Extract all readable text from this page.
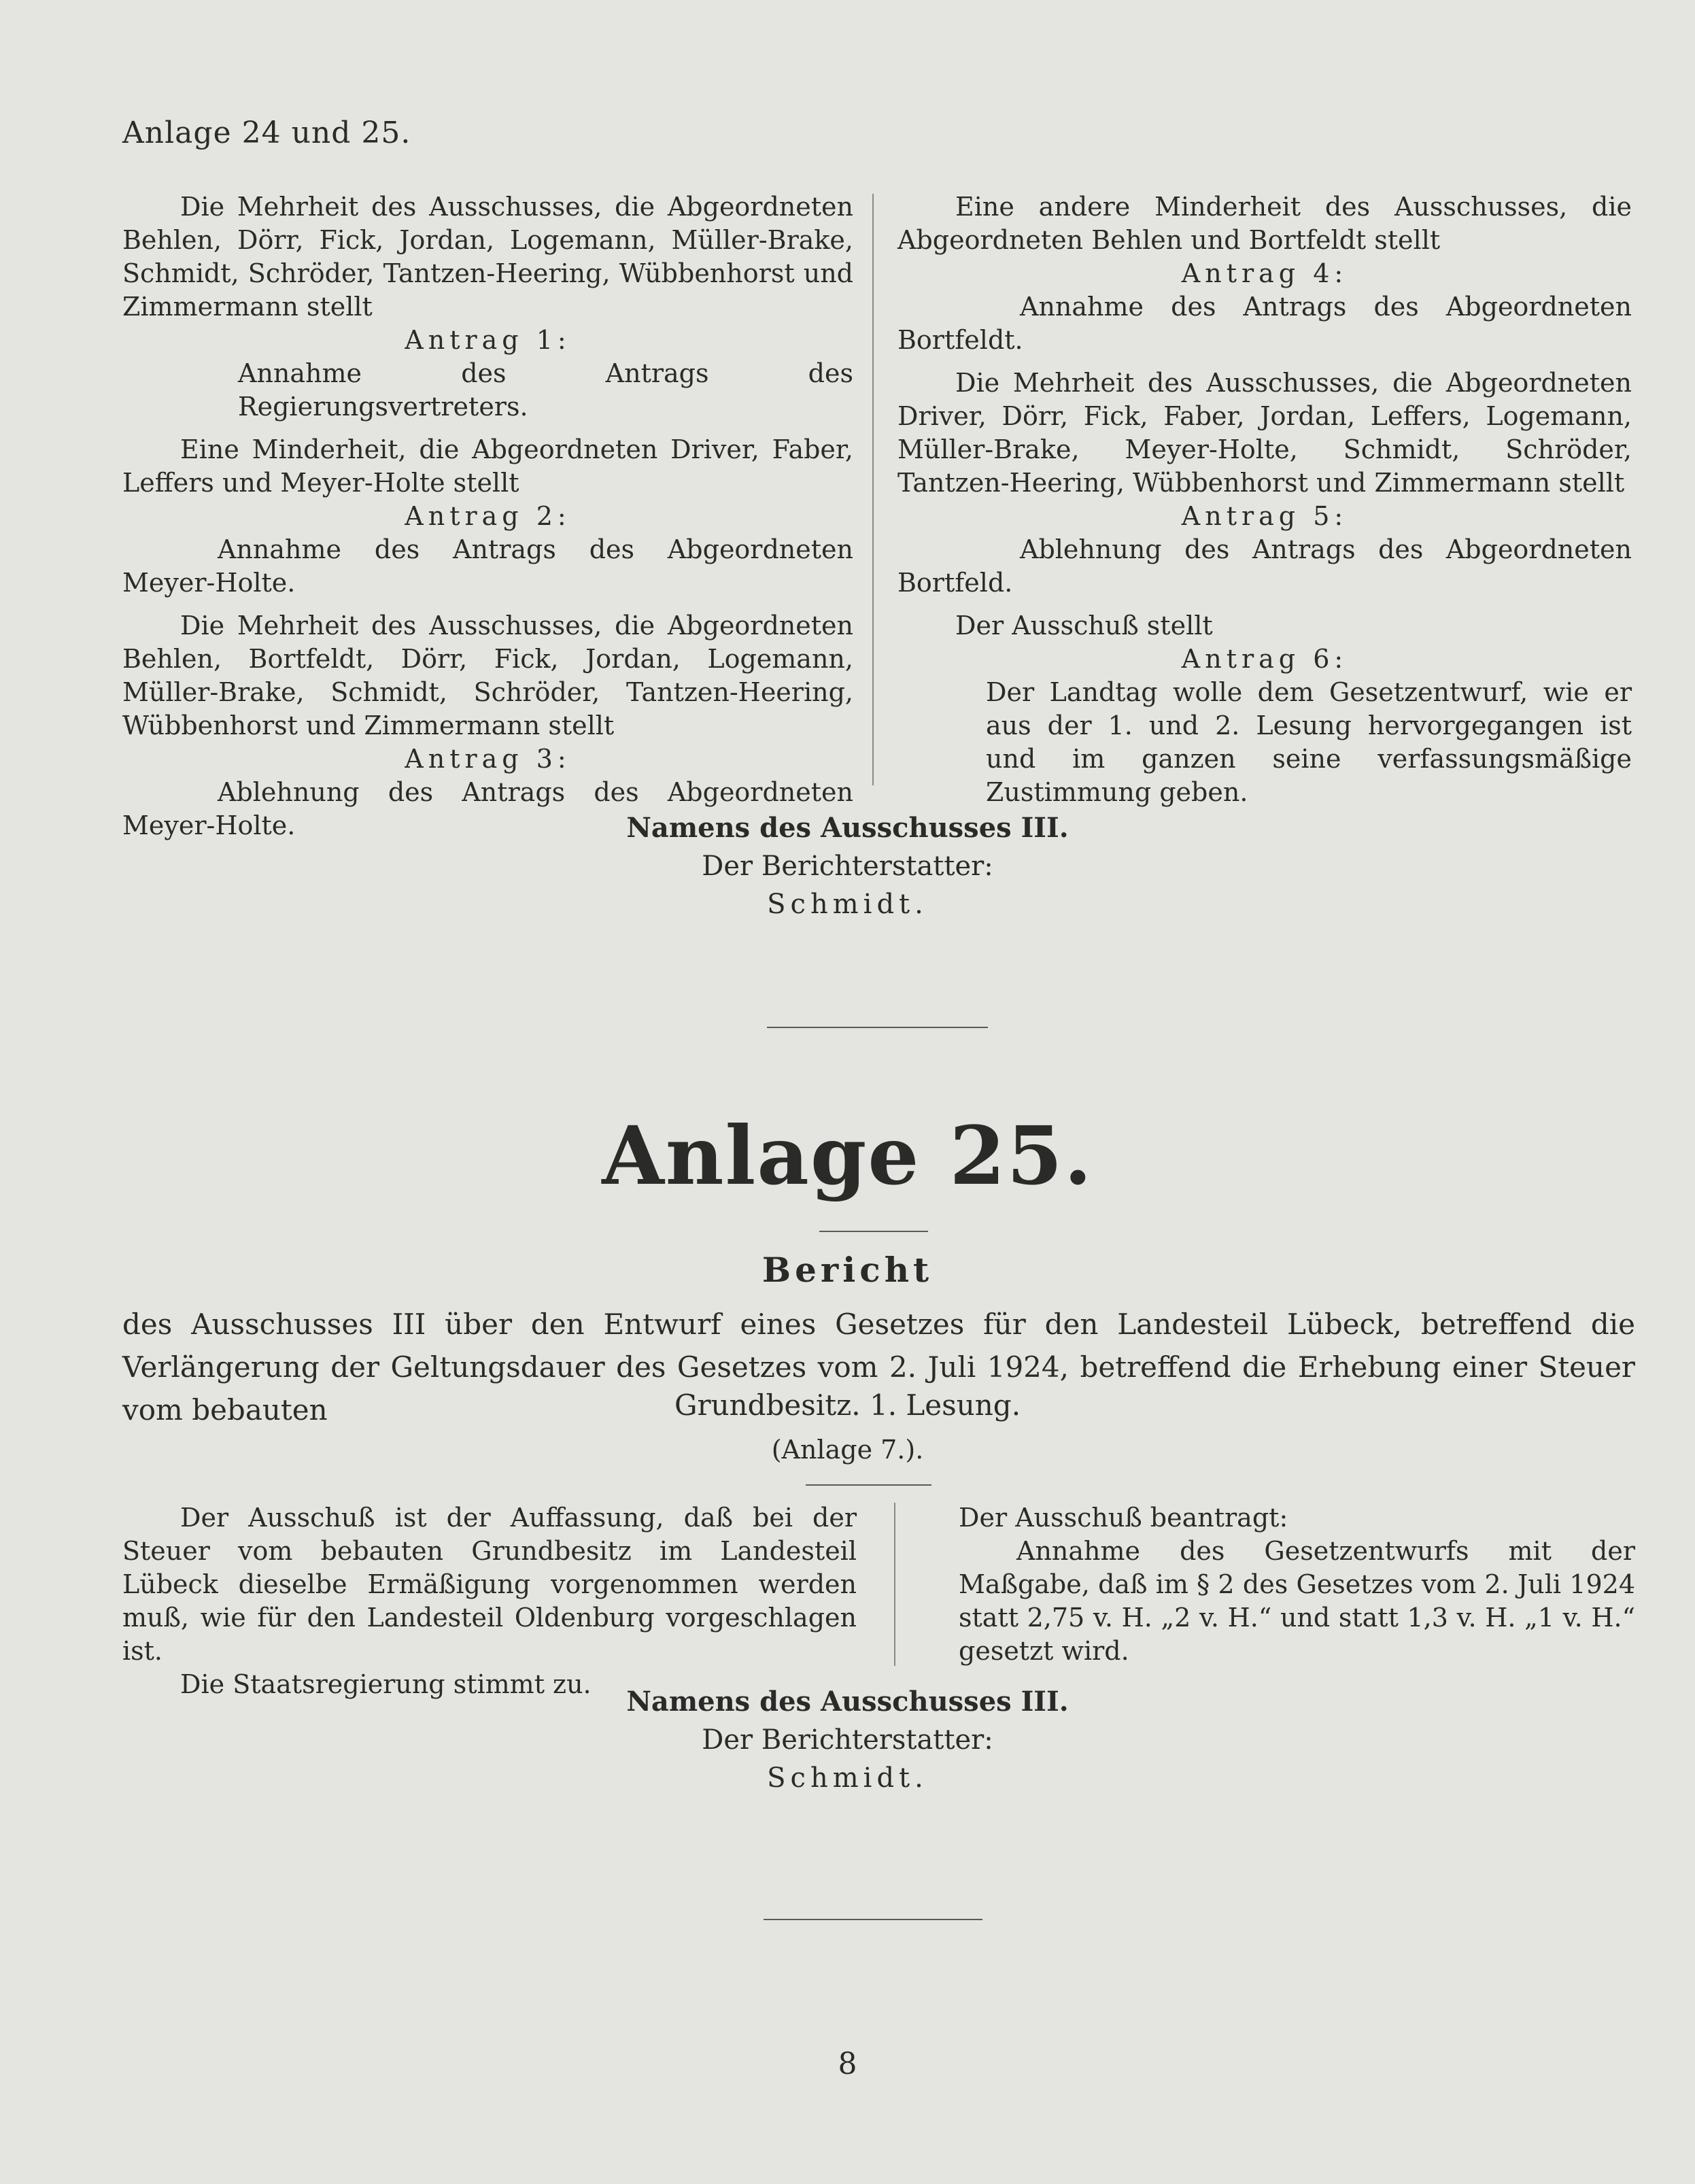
Anlage 24 und 25.

Die Mehrheit des Ausschusses, die Abgeordneten Behlen, Dörr, Fick, Jordan, Logemann, Müller-Brake, Schmidt, Schröder, Tantzen-Heering, Wübbenhorst und Zimmermann stellt

Antrag 1:

Annahme des Antrags des Regierungsvertreters.

Eine Minderheit, die Abgeordneten Driver, Faber, Leffers und Meyer-Holte stellt

Antrag 2:

Annahme des Antrags des Abgeordneten Meyer-Holte.

Die Mehrheit des Ausschusses, die Abgeordneten Behlen, Bortfeldt, Dörr, Fick, Jordan, Logemann, Müller-Brake, Schmidt, Schröder, Tantzen-Heering, Wübbenhorst und Zimmermann stellt

Antrag 3:

Ablehnung des Antrags des Abgeordneten Meyer-Holte.

Eine andere Minderheit des Ausschusses, die Abgeordneten Behlen und Bortfeldt stellt

Antrag 4:

Annahme des Antrags des Abgeordneten Bortfeldt.

Die Mehrheit des Ausschusses, die Abgeordneten Driver, Dörr, Fick, Faber, Jordan, Leffers, Logemann, Müller-Brake, Meyer-Holte, Schmidt, Schröder, Tantzen-Heering, Wübbenhorst und Zimmermann stellt

Antrag 5:

Ablehnung des Antrags des Abgeordneten Bortfeld.

Der Ausschuß stellt

Antrag 6:

Der Landtag wolle dem Gesetzentwurf, wie er aus der 1. und 2. Lesung hervorgegangen ist und im ganzen seine verfassungsmäßige Zustimmung geben.

Namens des Ausschusses III.
Der Berichterstatter:
Schmidt.
Anlage 25.
Bericht
des Ausschusses III über den Entwurf eines Gesetzes für den Landesteil Lübeck, betreffend die Verlängerung der Geltungsdauer des Gesetzes vom 2. Juli 1924, betreffend die Erhebung einer Steuer vom bebauten	Grundbesitz. 1. Lesung.
(Anlage 7.).

Der Ausschuß ist der Auffassung, daß bei der Steuer vom bebauten Grundbesitz im Landesteil Lübeck dieselbe Ermäßigung vorgenommen werden muß, wie für den Landesteil Oldenburg vorgeschlagen ist.

Die Staatsregierung stimmt zu.

Der Ausschuß beantragt:

Annahme des Gesetzentwurfs mit der Maßgabe, daß im § 2 des Gesetzes vom 2. Juli 1924 statt 2,75 v. H. „2 v. H.“ und statt 1,3 v. H. „1 v. H.“ gesetzt wird.

Namens des Ausschusses III.
Der Berichterstatter:
Schmidt.
8
